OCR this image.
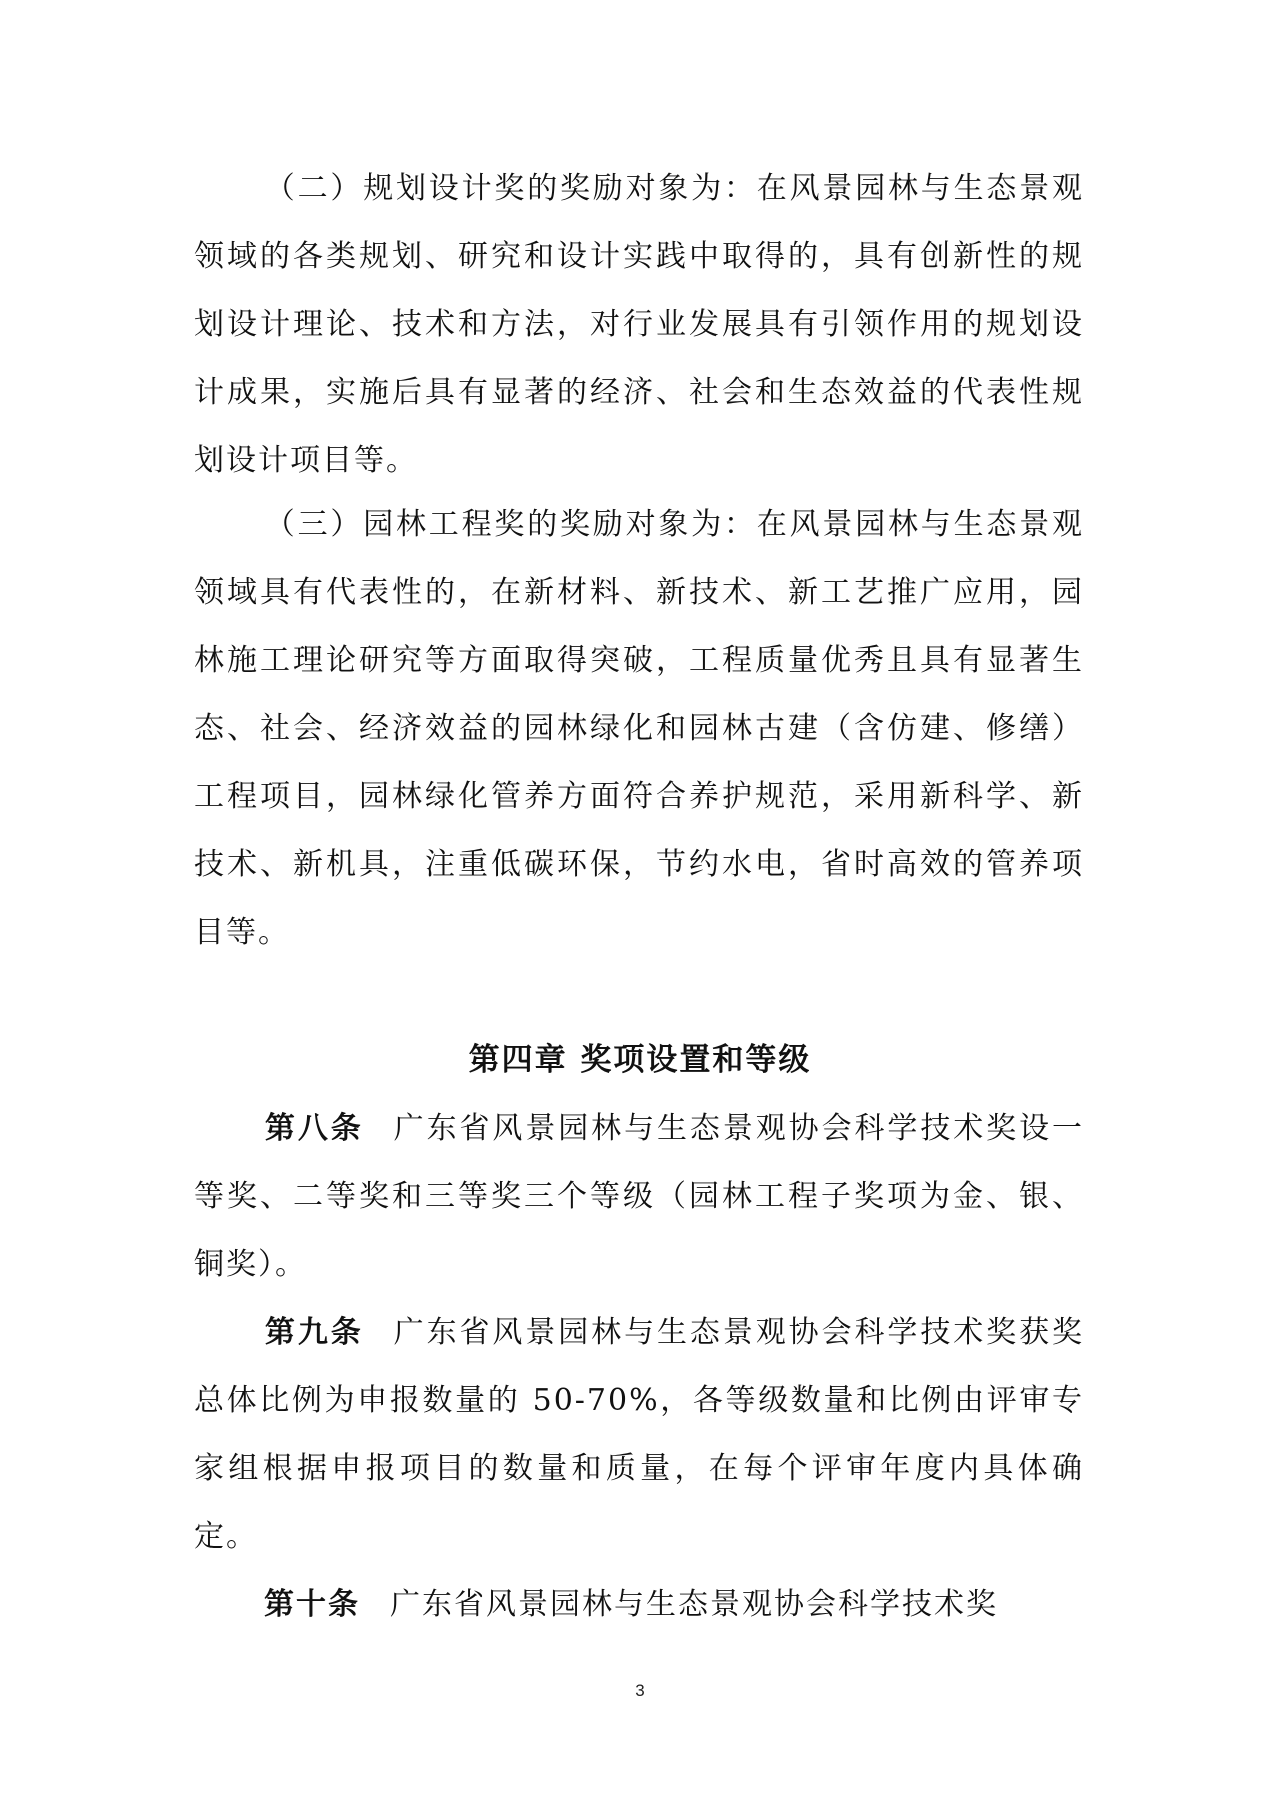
（二）规划设计奖的奖励对象为：在风景园林与生态景观领域的各类规划、研究和设计实践中取得的，具有创新性的规划设计理论、技术和方法，对行业发展具有引领作用的规划设计成果，实施后具有显著的经济、社会和生态效益的代表性规划设计项目等。

（三）园林工程奖的奖励对象为：在风景园林与生态景观领域具有代表性的，在新材料、新技术、新工艺推广应用，园林施工理论研究等方面取得突破，工程质量优秀且具有显著生态、社会、经济效益的园林绿化和园林古建（含仿建、修缮）工程项目，园林绿化管养方面符合养护规范，采用新科学、新技术、新机具，注重低碳环保，节约水电，省时高效的管养项目等。

第四章 奖项设置和等级

第八条 广东省风景园林与生态景观协会科学技术奖设一等奖、二等奖和三等奖三个等级（园林工程子奖项为金、银、铜奖）。

第九条 广东省风景园林与生态景观协会科学技术奖获奖总体比例为申报数量的 50-70%，各等级数量和比例由评审专家组根据申报项目的数量和质量，在每个评审年度内具体确定。

第十条 广东省风景园林与生态景观协会科学技术奖

3
